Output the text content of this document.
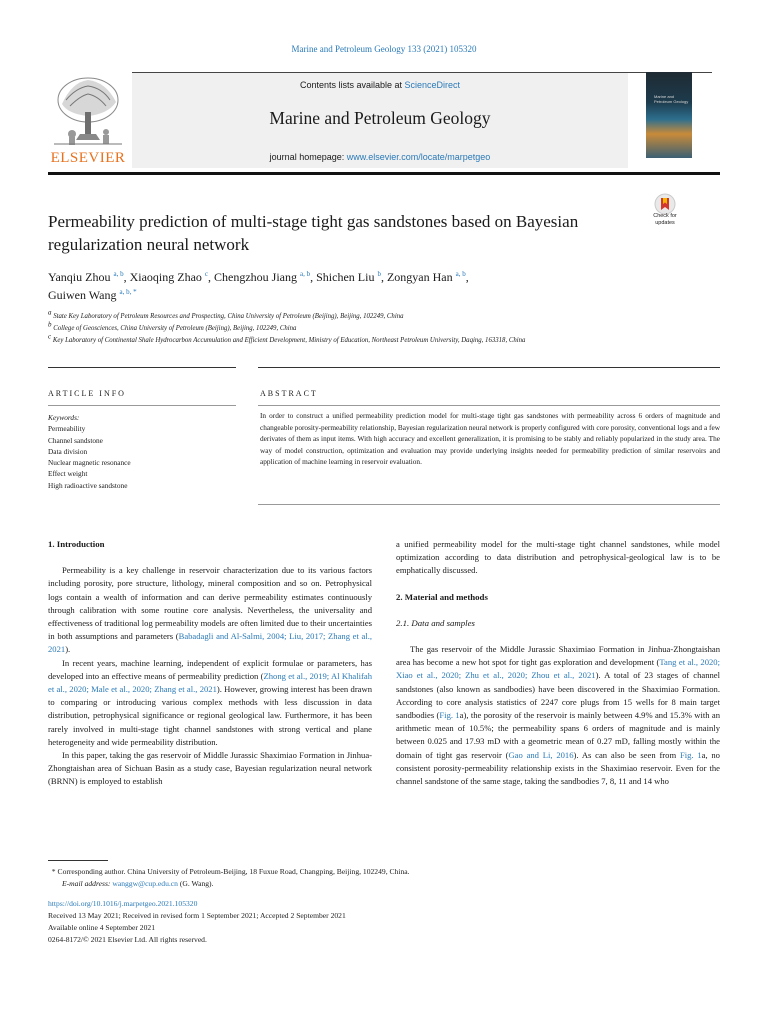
Marine and Petroleum Geology 133 (2021) 105320
ELSEVIER
Contents lists available at ScienceDirect
Marine and Petroleum Geology
journal homepage: www.elsevier.com/locate/marpetgeo
Marine and Petroleum Geology
Permeability prediction of multi-stage tight gas sandstones based on Bayesian regularization neural network
Check for updates
Yanqiu Zhou $^{a, b}$, Xiaoqing Zhao $^c$, Chengzhou Jiang $^{a, b}$, Shichen Liu $^b$, Zongyan Han $^{a, b}$,
Guiwen Wang $^{a, b, *}$
$^a$ State Key Laboratory of Petroleum Resources and Prospecting, China University of Petroleum (Beijing), Beijing, 102249, China
$^b$ College of Geosciences, China University of Petroleum (Beijing), Beijing, 102249, China
$^c$ Key Laboratory of Continental Shale Hydrocarbon Accumulation and Efficient Development, Ministry of Education, Northeast Petroleum University, Daqing, 163318, China
ARTICLE INFO	ABSTRACT
Keywords:
Permeability
Channel sandstone
Data division
Nuclear magnetic resonance
Effect weight
High radioactive sandstone
In order to construct a unified permeability prediction model for multi-stage tight gas sandstones with permeability across 6 orders of magnitude and changeable porosity-permeability relationship, Bayesian regularization neural network is properly configured with core porosity, conventional logs and a few derivates of them as input items. With high accuracy and excellent generalization, it is promising to be stably and reliably popularized in the study area. The way of model construction, optimization and evaluation may provide underlying insights needed for permeability prediction of similar reservoirs and application of machine learning in reservoir evaluation.
1. Introduction

Permeability is a key challenge in reservoir characterization due to its various factors including porosity, pore structure, lithology, mineral composition and so on. Petrophysical logs contain a wealth of information and can derive permeability estimates continuously through calibration with some routine core analysis. Nevertheless, the universality and effectiveness of traditional log permeability models are often limited due to their uncertainties in both assumptions and parameters (Babadagli and Al-Salmi, 2004; Liu, 2017; Zhang et al., 2021).

In recent years, machine learning, independent of explicit formulae or parameters, has developed into an effective means of permeability prediction (Zhong et al., 2019; Al Khalifah et al., 2020; Male et al., 2020; Zhang et al., 2021). However, growing interest has been drawn to comparing or introducing various complex methods with less discussion in data distribution, petrophysical significance or regional geological law. Furthermore, it has been rarely involved in multi-stage tight channel sandstones with strong vertical and plane heterogeneity and wide permeability distribution.

In this paper, taking the gas reservoir of Middle Jurassic Shaximiao Formation in Jinhua-Zhongtaishan area of Sichuan Basin as a study case, Bayesian regularization neural network (BRNN) is employed to establish

a unified permeability model for the multi-stage tight channel sandstones, while model optimization according to data distribution and petrophysical-geological law is to be emphatically discussed.

2. Material and methods
2.1. Data and samples

The gas reservoir of the Middle Jurassic Shaximiao Formation in Jinhua-Zhongtaishan area has become a new hot spot for tight gas exploration and development (Tang et al., 2020; Xiao et al., 2020; Zhu et al., 2020; Zhou et al., 2021). A total of 23 stages of channel sandstones (also known as sandbodies) have been discovered in the Shaximiao Formation. According to core analysis statistics of 2247 core plugs from 15 wells for 8 main target sandbodies (Fig. 1a), the porosity of the reservoir is mainly between 4.9% and 15.3% with an arithmetic mean of 10.5%; the permeability spans 6 orders of magnitude and is mainly between 0.025 and 17.93 mD with a geometric mean of 0.27 mD, falling mostly within the domain of tight gas reservoir (Gao and Li, 2016). As can also be seen from Fig. 1a, no consistent porosity-permeability relationship exists in the Shaximiao reservoir. Even for the channel sandstone of the same stage, taking the sandbodies 7, 8, 11 and 14 who

* Corresponding author. China University of Petroleum-Beijing, 18 Fuxue Road, Changping, Beijing, 102249, China.
E-mail address: wanggw@cup.edu.cn (G. Wang).
https://doi.org/10.1016/j.marpetgeo.2021.105320
Received 13 May 2021; Received in revised form 1 September 2021; Accepted 2 September 2021
Available online 4 September 2021
0264-8172/© 2021 Elsevier Ltd. All rights reserved.
